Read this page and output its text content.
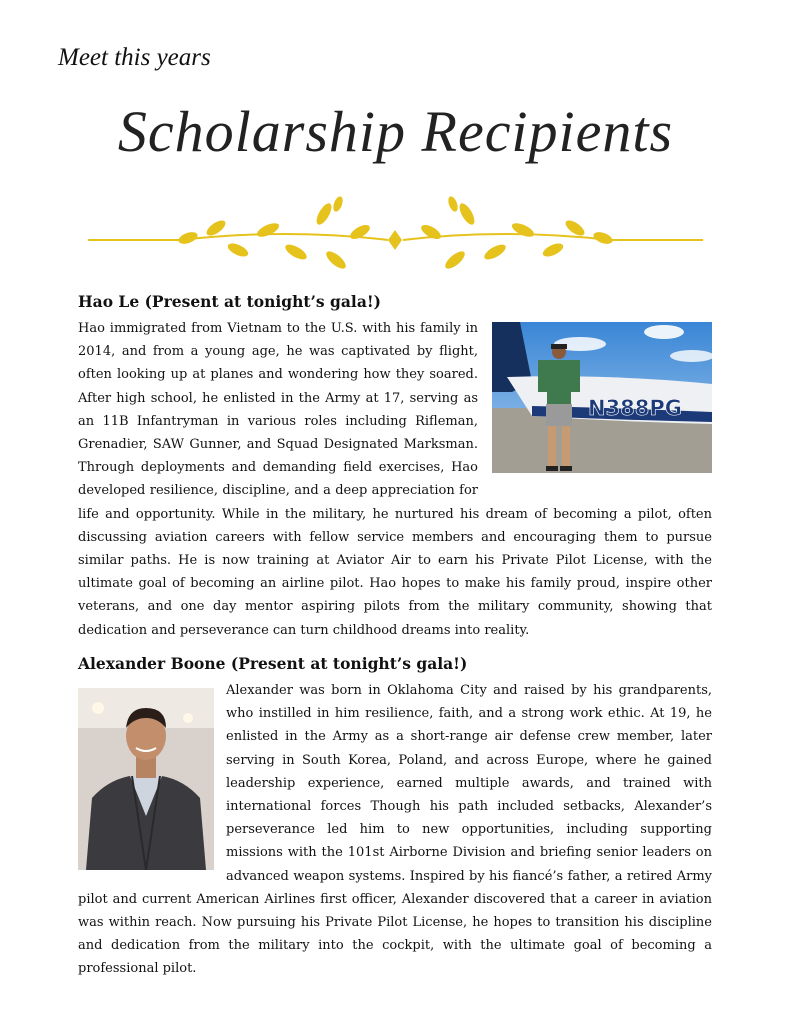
Meet this years
Scholarship Recipients
Hao Le (Present at tonight’s gala!)
N388PG

Hao immigrated from Vietnam to the U.S. with his family in 2014, and from a young age, he was captivated by flight, often looking up at planes and wondering how they soared. After high school, he enlisted in the Army at 17, serving as an 11B Infantryman in various roles including Rifleman, Grenadier, SAW Gunner, and Squad Designated Marksman. Through deployments and demanding field exercises, Hao developed resilience, discipline, and a deep appreciation for life and opportunity. While in the military, he nurtured his dream of becoming a pilot, often discussing aviation careers with fellow service members and encouraging them to pursue similar paths. He is now training at Aviator Air to earn his Private Pilot License, with the ultimate goal of becoming an airline pilot. Hao hopes to make his family proud, inspire other veterans, and one day mentor aspiring pilots from the military community, showing that dedication and perseverance can turn childhood dreams into reality.

Alexander Boone (Present at tonight’s gala!)

Alexander was born in Oklahoma City and raised by his grandparents, who instilled in him resilience, faith, and a strong work ethic. At 19, he enlisted in the Army as a short-range air defense crew member, later serving in South Korea, Poland, and across Europe, where he gained leadership experience, earned multiple awards, and trained with international forces Though his path included setbacks, Alexander’s perseverance led him to new opportunities, including supporting missions with the 101st Airborne Division and briefing senior leaders on advanced weapon systems. Inspired by his fiancé’s father, a retired Army pilot and current American Airlines first officer, Alexander discovered that a career in aviation was within reach. Now pursuing his Private Pilot License, he hopes to transition his discipline and dedication from the military into the cockpit, with the ultimate goal of becoming a professional pilot.
